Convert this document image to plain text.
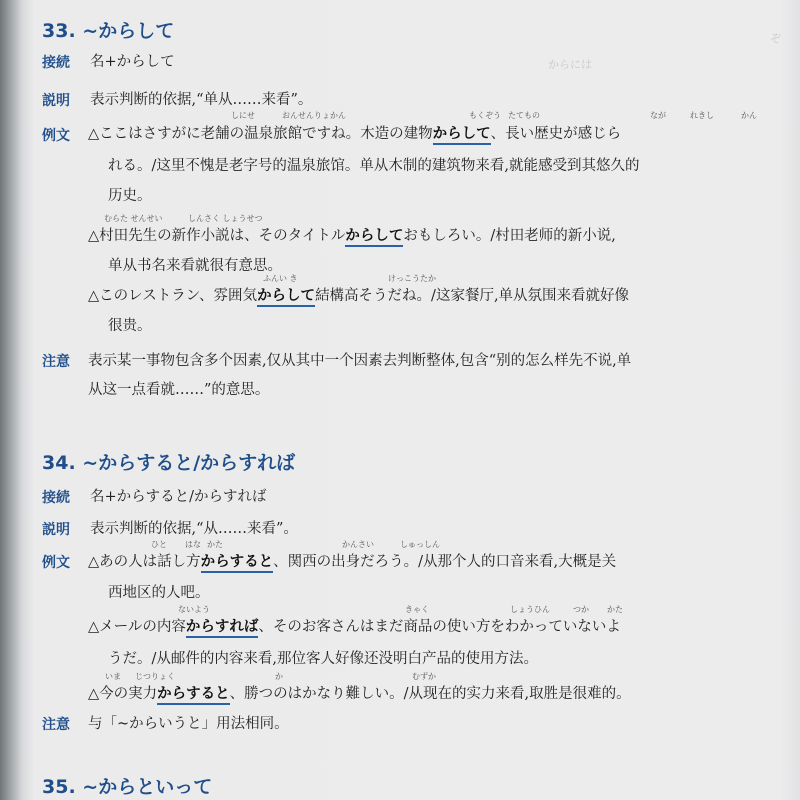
からには
ぞ
33. ~からして
接続 名+からして
説明 表示判断的依据,“单从……来看”。
例文
しにせ	おんせんりょかん	もくぞう たてもの	なが	れきし	かん
△ここはさすがに老舗の温泉旅館ですね。木造の建物からして、長い歴史が感じら
れる。/这里不愧是老字号的温泉旅馆。单从木制的建筑物来看,就能感受到其悠久的
历史。
むらた せんせい	しんさく しょうせつ
△村田先生の新作小説は、そのタイトルからしておもしろい。/村田老师的新小说,
单从书名来看就很有意思。
ふんい き	けっこうたか
△このレストラン、雰囲気からして結構高そうだね。/这家餐厅,单从氛围来看就好像
很贵。
注意 表示某一事物包含多个因素,仅从其中一个因素去判断整体,包含“别的怎么样先不说,单
从这一点看就……”的意思。
34. ~からすると/からすれば
接続 名+からすると/からすれば
説明 表示判断的依据,“从……来看”。
例文
ひと はな かた	かんさい	しゅっしん
△あの人は話し方からすると、関西の出身だろう。/从那个人的口音来看,大概是关
西地区的人吧。
ないよう	きゃく	しょうひん	つか かた
△メールの内容からすれば、そのお客さんはまだ商品の使い方をわかっていないよ
うだ。/从邮件的内容来看,那位客人好像还没明白产品的使用方法。
いま じつりょく	か	むずか
△今の実力からすると、勝つのはかなり難しい。/从现在的实力来看,取胜是很难的。
注意 与「~からいうと」用法相同。
35. ~からといって
